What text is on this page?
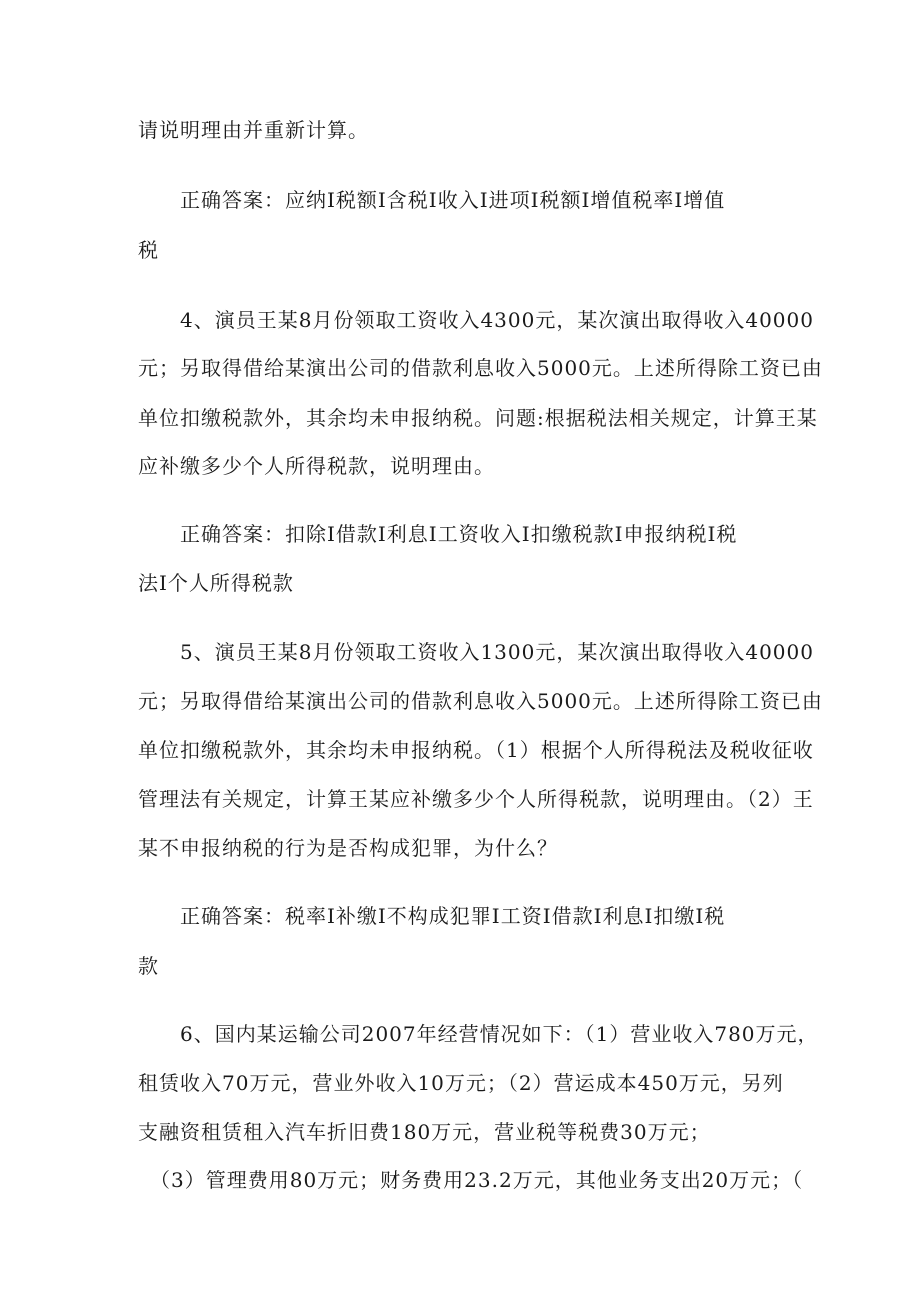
请说明理由并重新计算。
正确答案：应纳I税额I含税I收入I进项I税额I增值税率I增值
税
4、演员王某8月份领取工资收入4300元，某次演出取得收入40000
元；另取得借给某演出公司的借款利息收入5000元。上述所得除工资已由
单位扣缴税款外，其余均未申报纳税。问题:根据税法相关规定，计算王某
应补缴多少个人所得税款，说明理由。
正确答案：扣除I借款I利息I工资收入I扣缴税款I申报纳税I税
法I个人所得税款
5、演员王某8月份领取工资收入1300元，某次演出取得收入40000
元；另取得借给某演出公司的借款利息收入5000元。上述所得除工资已由
单位扣缴税款外，其余均未申报纳税。（1）根据个人所得税法及税收征收
管理法有关规定，计算王某应补缴多少个人所得税款，说明理由。（2）王
某不申报纳税的行为是否构成犯罪，为什么？
正确答案：税率I补缴I不构成犯罪I工资I借款I利息I扣缴I税
款
6、国内某运输公司2007年经营情况如下：（1）营业收入780万元，
租赁收入70万元，营业外收入10万元；（2）营运成本450万元，另列
支融资租赁租入汽车折旧费180万元，营业税等税费30万元；
（3）管理费用80万元；财务费用23.2万元，其他业务支出20万元；（
